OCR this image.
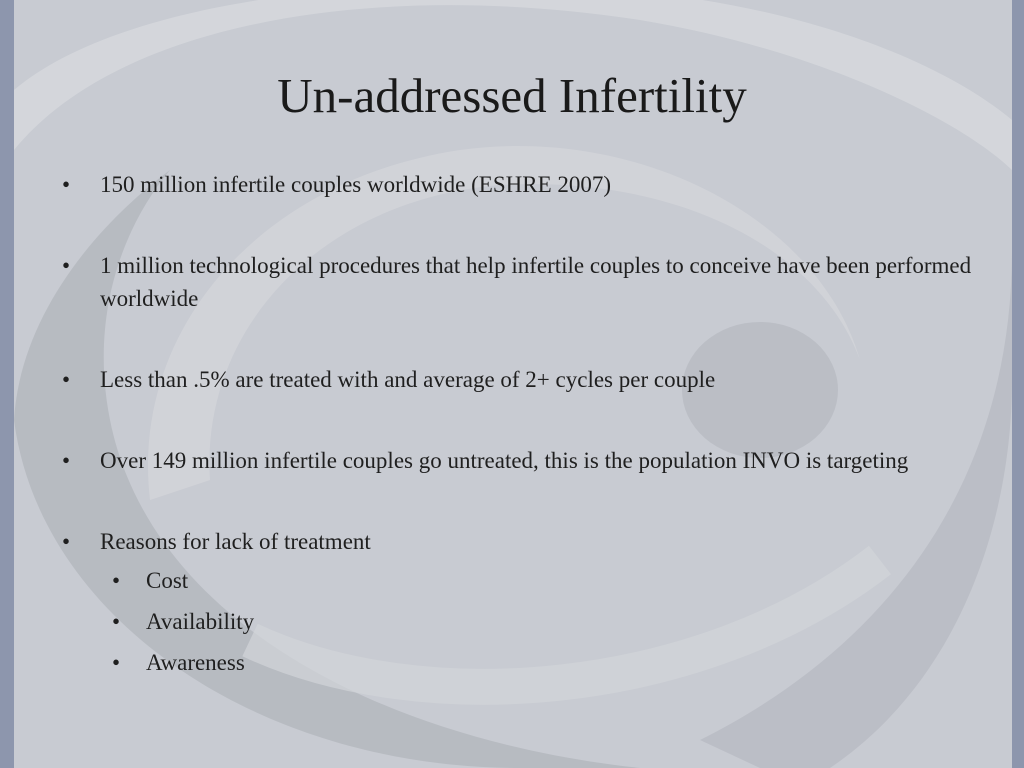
Un-addressed Infertility
•	150 million infertile couples worldwide (ESHRE 2007)
•	1 million technological procedures that help infertile couples to conceive have been performed worldwide
•	Less than .5% are treated with and average of 2+ cycles per couple
•	Over 149 million infertile couples go untreated, this is the population INVO is targeting
•	Reasons for lack of treatment
•	Cost
•	Availability
•	Awareness
